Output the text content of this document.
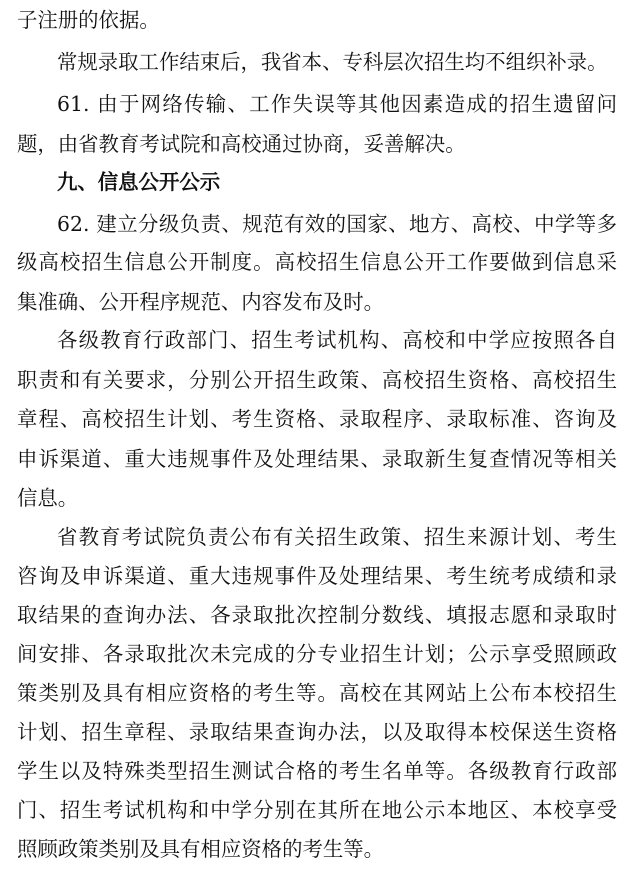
子注册的依据。
常规录取工作结束后，我省本、专科层次招生均不组织补录。
61. 由于网络传输、工作失误等其他因素造成的招生遗留问
题，由省教育考试院和高校通过协商，妥善解决。
九、信息公开公示
62. 建立分级负责、规范有效的国家、地方、高校、中学等多
级高校招生信息公开制度。高校招生信息公开工作要做到信息采
集准确、公开程序规范、内容发布及时。
各级教育行政部门、招生考试机构、高校和中学应按照各自
职责和有关要求，分别公开招生政策、高校招生资格、高校招生
章程、高校招生计划、考生资格、录取程序、录取标准、咨询及
申诉渠道、重大违规事件及处理结果、录取新生复查情况等相关
信息。
省教育考试院负责公布有关招生政策、招生来源计划、考生
咨询及申诉渠道、重大违规事件及处理结果、考生统考成绩和录
取结果的查询办法、各录取批次控制分数线、填报志愿和录取时
间安排、各录取批次未完成的分专业招生计划；公示享受照顾政
策类别及具有相应资格的考生等。高校在其网站上公布本校招生
计划、招生章程、录取结果查询办法，以及取得本校保送生资格
学生以及特殊类型招生测试合格的考生名单等。各级教育行政部
门、招生考试机构和中学分别在其所在地公示本地区、本校享受
照顾政策类别及具有相应资格的考生等。
